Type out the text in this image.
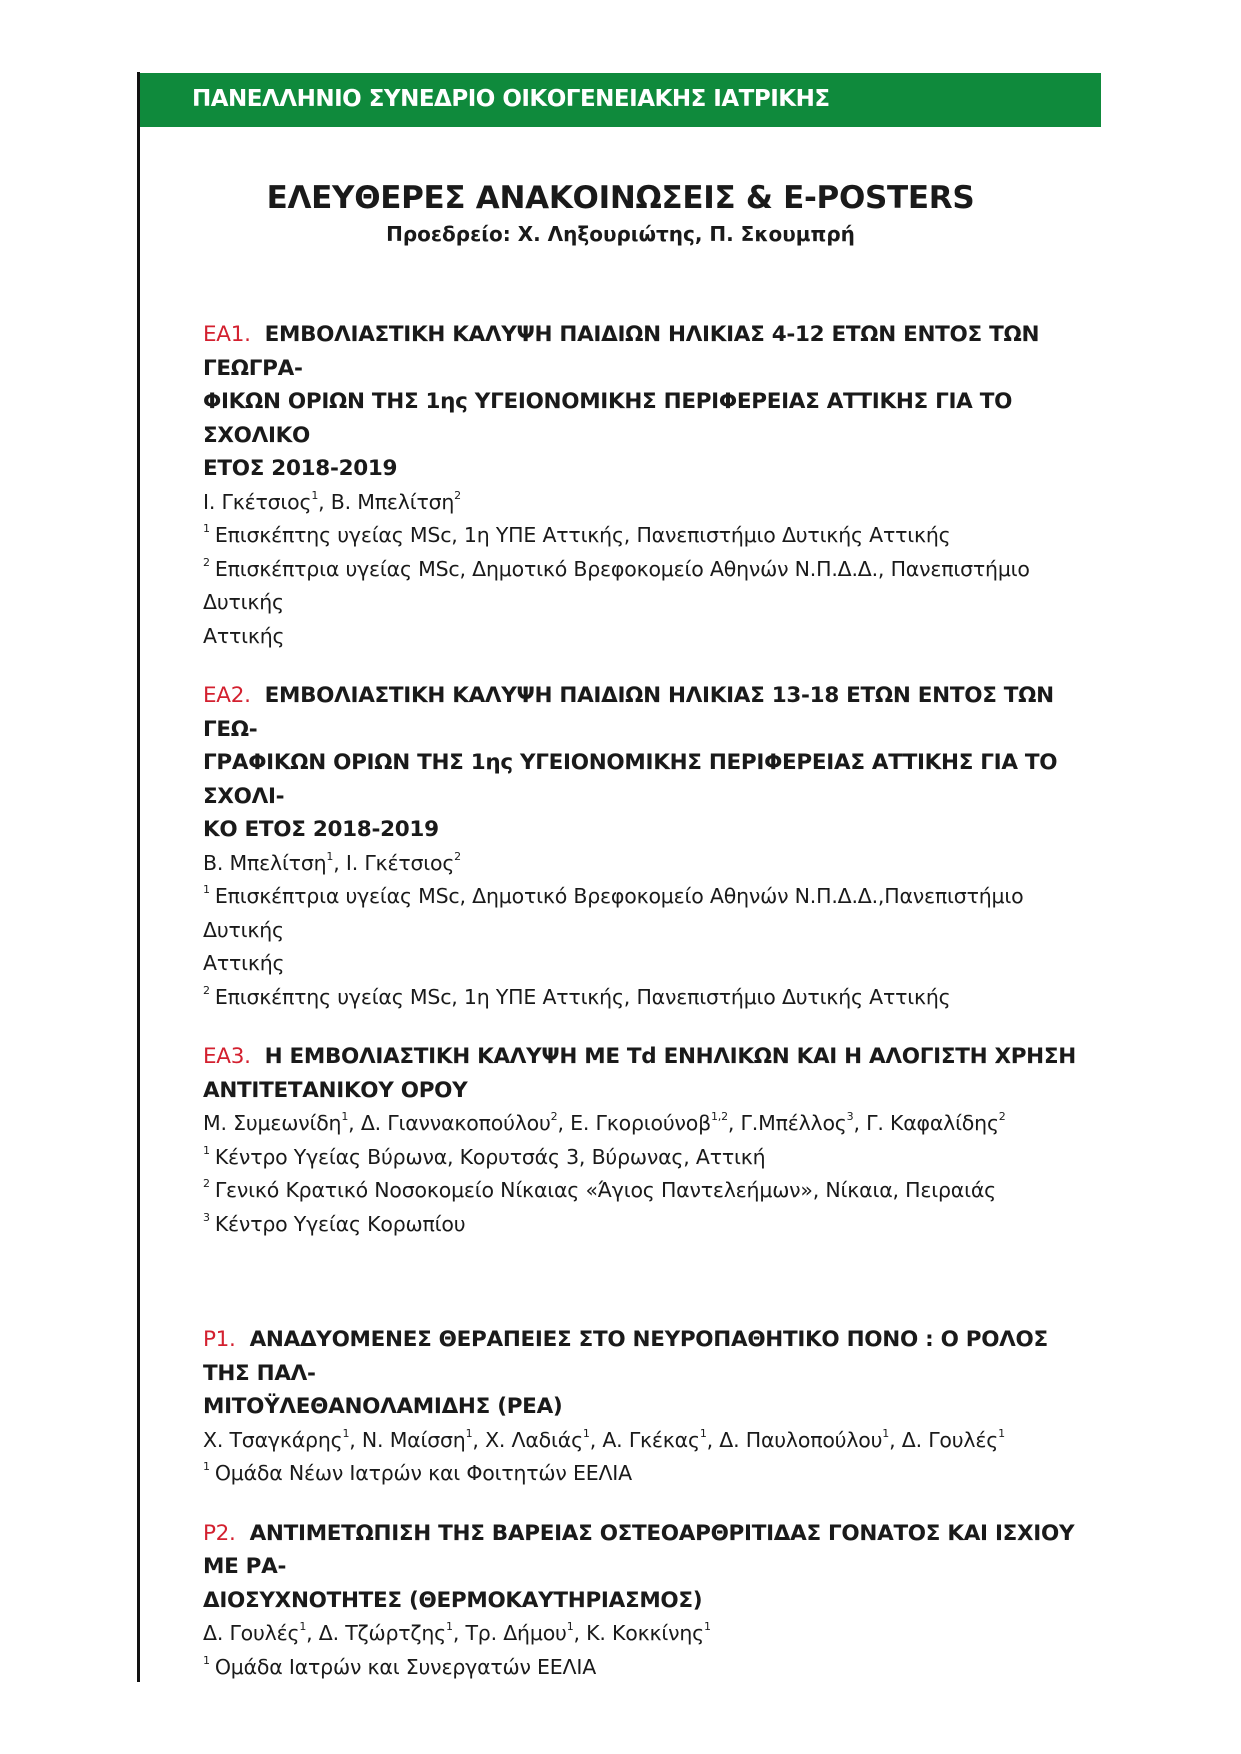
ΠΑΝΕΛΛΗΝΙΟ ΣΥΝΕΔΡΙΟ ΟΙΚΟΓΕΝΕΙΑΚΗΣ ΙΑΤΡΙΚΗΣ
ΕΛΕΥΘΕΡΕΣ ΑΝΑΚΟΙΝΩΣΕΙΣ & E-POSTERS
Προεδρείο: Χ. Ληξουριώτης, Π. Σκουμπρή
ΕΑ1. ΕΜΒΟΛΙΑΣΤΙΚΗ ΚΑΛΥΨΗ ΠΑΙΔΙΩΝ ΗΛΙΚΙΑΣ 4-12 ΕΤΩΝ ΕΝΤΟΣ ΤΩΝ ΓΕΩΓΡΑ-
ΦΙΚΩΝ ΟΡΙΩΝ ΤΗΣ 1ης ΥΓΕΙΟΝΟΜΙΚΗΣ ΠΕΡΙΦΕΡΕΙΑΣ ΑΤΤΙΚΗΣ ΓΙΑ ΤΟ ΣΧΟΛΙΚΟ
ΕΤΟΣ 2018-2019
Ι. Γκέτσιος$^1$, Β. Μπελίτση$^2$
$^1$ Επισκέπτης υγείας MSc, 1η ΥΠΕ Αττικής, Πανεπιστήμιο Δυτικής Αττικής
$^2$ Επισκέπτρια υγείας MSc, Δημοτικό Βρεφοκομείο Αθηνών Ν.Π.Δ.Δ., Πανεπιστήμιο Δυτικής
Αττικής
ΕΑ2. ΕΜΒΟΛΙΑΣΤΙΚΗ ΚΑΛΥΨΗ ΠΑΙΔΙΩΝ ΗΛΙΚΙΑΣ 13-18 ΕΤΩΝ ΕΝΤΟΣ ΤΩΝ ΓΕΩ-
ΓΡΑΦΙΚΩΝ ΟΡΙΩΝ ΤΗΣ 1ης ΥΓΕΙΟΝΟΜΙΚΗΣ ΠΕΡΙΦΕΡΕΙΑΣ ΑΤΤΙΚΗΣ ΓΙΑ ΤΟ ΣΧΟΛΙ-
ΚΟ ΕΤΟΣ 2018-2019
Β. Μπελίτση$^1$, Ι. Γκέτσιος$^2$
$^1$ Επισκέπτρια υγείας MSc, Δημοτικό Βρεφοκομείο Αθηνών Ν.Π.Δ.Δ.,Πανεπιστήμιο Δυτικής
Αττικής
$^2$ Επισκέπτης υγείας MSc, 1η ΥΠΕ Αττικής, Πανεπιστήμιο Δυτικής Αττικής
ΕΑ3. Η ΕΜΒΟΛΙΑΣΤΙΚΗ ΚΑΛΥΨΗ ΜΕ Td ΕΝΗΛΙΚΩΝ ΚΑΙ Η ΑΛΟΓΙΣΤΗ ΧΡΗΣΗ
ΑΝΤΙΤΕΤΑΝΙΚΟΥ ΟΡΟΥ
Μ. Συμεωνίδη$^1$, Δ. Γιαννακοπούλου$^2$, Ε. Γκοριούνοβ$^{1,2}$, Γ.Μπέλλος$^3$, Γ. Καφαλίδης$^2$
$^1$ Κέντρο Υγείας Βύρωνα, Κορυτσάς 3, Βύρωνας, Αττική
$^2$ Γενικό Κρατικό Νοσοκομείο Νίκαιας «Άγιος Παντελεήμων», Νίκαια, Πειραιάς
$^3$ Κέντρο Υγείας Κορωπίου
P1. ΑΝΑΔΥΟΜΕΝΕΣ ΘΕΡΑΠΕΙΕΣ ΣΤΟ ΝΕΥΡΟΠΑΘΗΤΙΚΟ ΠΟΝΟ : Ο ΡΟΛΟΣ ΤΗΣ ΠΑΛ-
ΜΙΤΟΫΛΕΘΑΝΟΛΑΜΙΔΗΣ (PEA)
Χ. Τσαγκάρης$^1$, Ν. Μαίσση$^1$, Χ. Λαδιάς$^1$, Α. Γκέκας$^1$, Δ. Παυλοπούλου$^1$, Δ. Γουλές$^1$
$^1$ Ομάδα Νέων Ιατρών και Φοιτητών ΕΕΛΙΑ
P2. ΑΝΤΙΜΕΤΩΠΙΣΗ ΤΗΣ ΒΑΡΕΙΑΣ ΟΣΤΕΟΑΡΘΡΙΤΙΔΑΣ ΓΟΝΑΤΟΣ ΚΑΙ ΙΣΧΙΟΥ ΜΕ ΡΑ-
ΔΙΟΣΥΧΝΟΤΗΤΕΣ (ΘΕΡΜΟΚΑΥΤΗΡΙΑΣΜΟΣ)
Δ. Γουλές$^1$, Δ. Τζώρτζης$^1$, Τρ. Δήμου$^1$, Κ. Κοκκίνης$^1$
$^1$ Ομάδα Ιατρών και Συνεργατών ΕΕΛΙΑ
